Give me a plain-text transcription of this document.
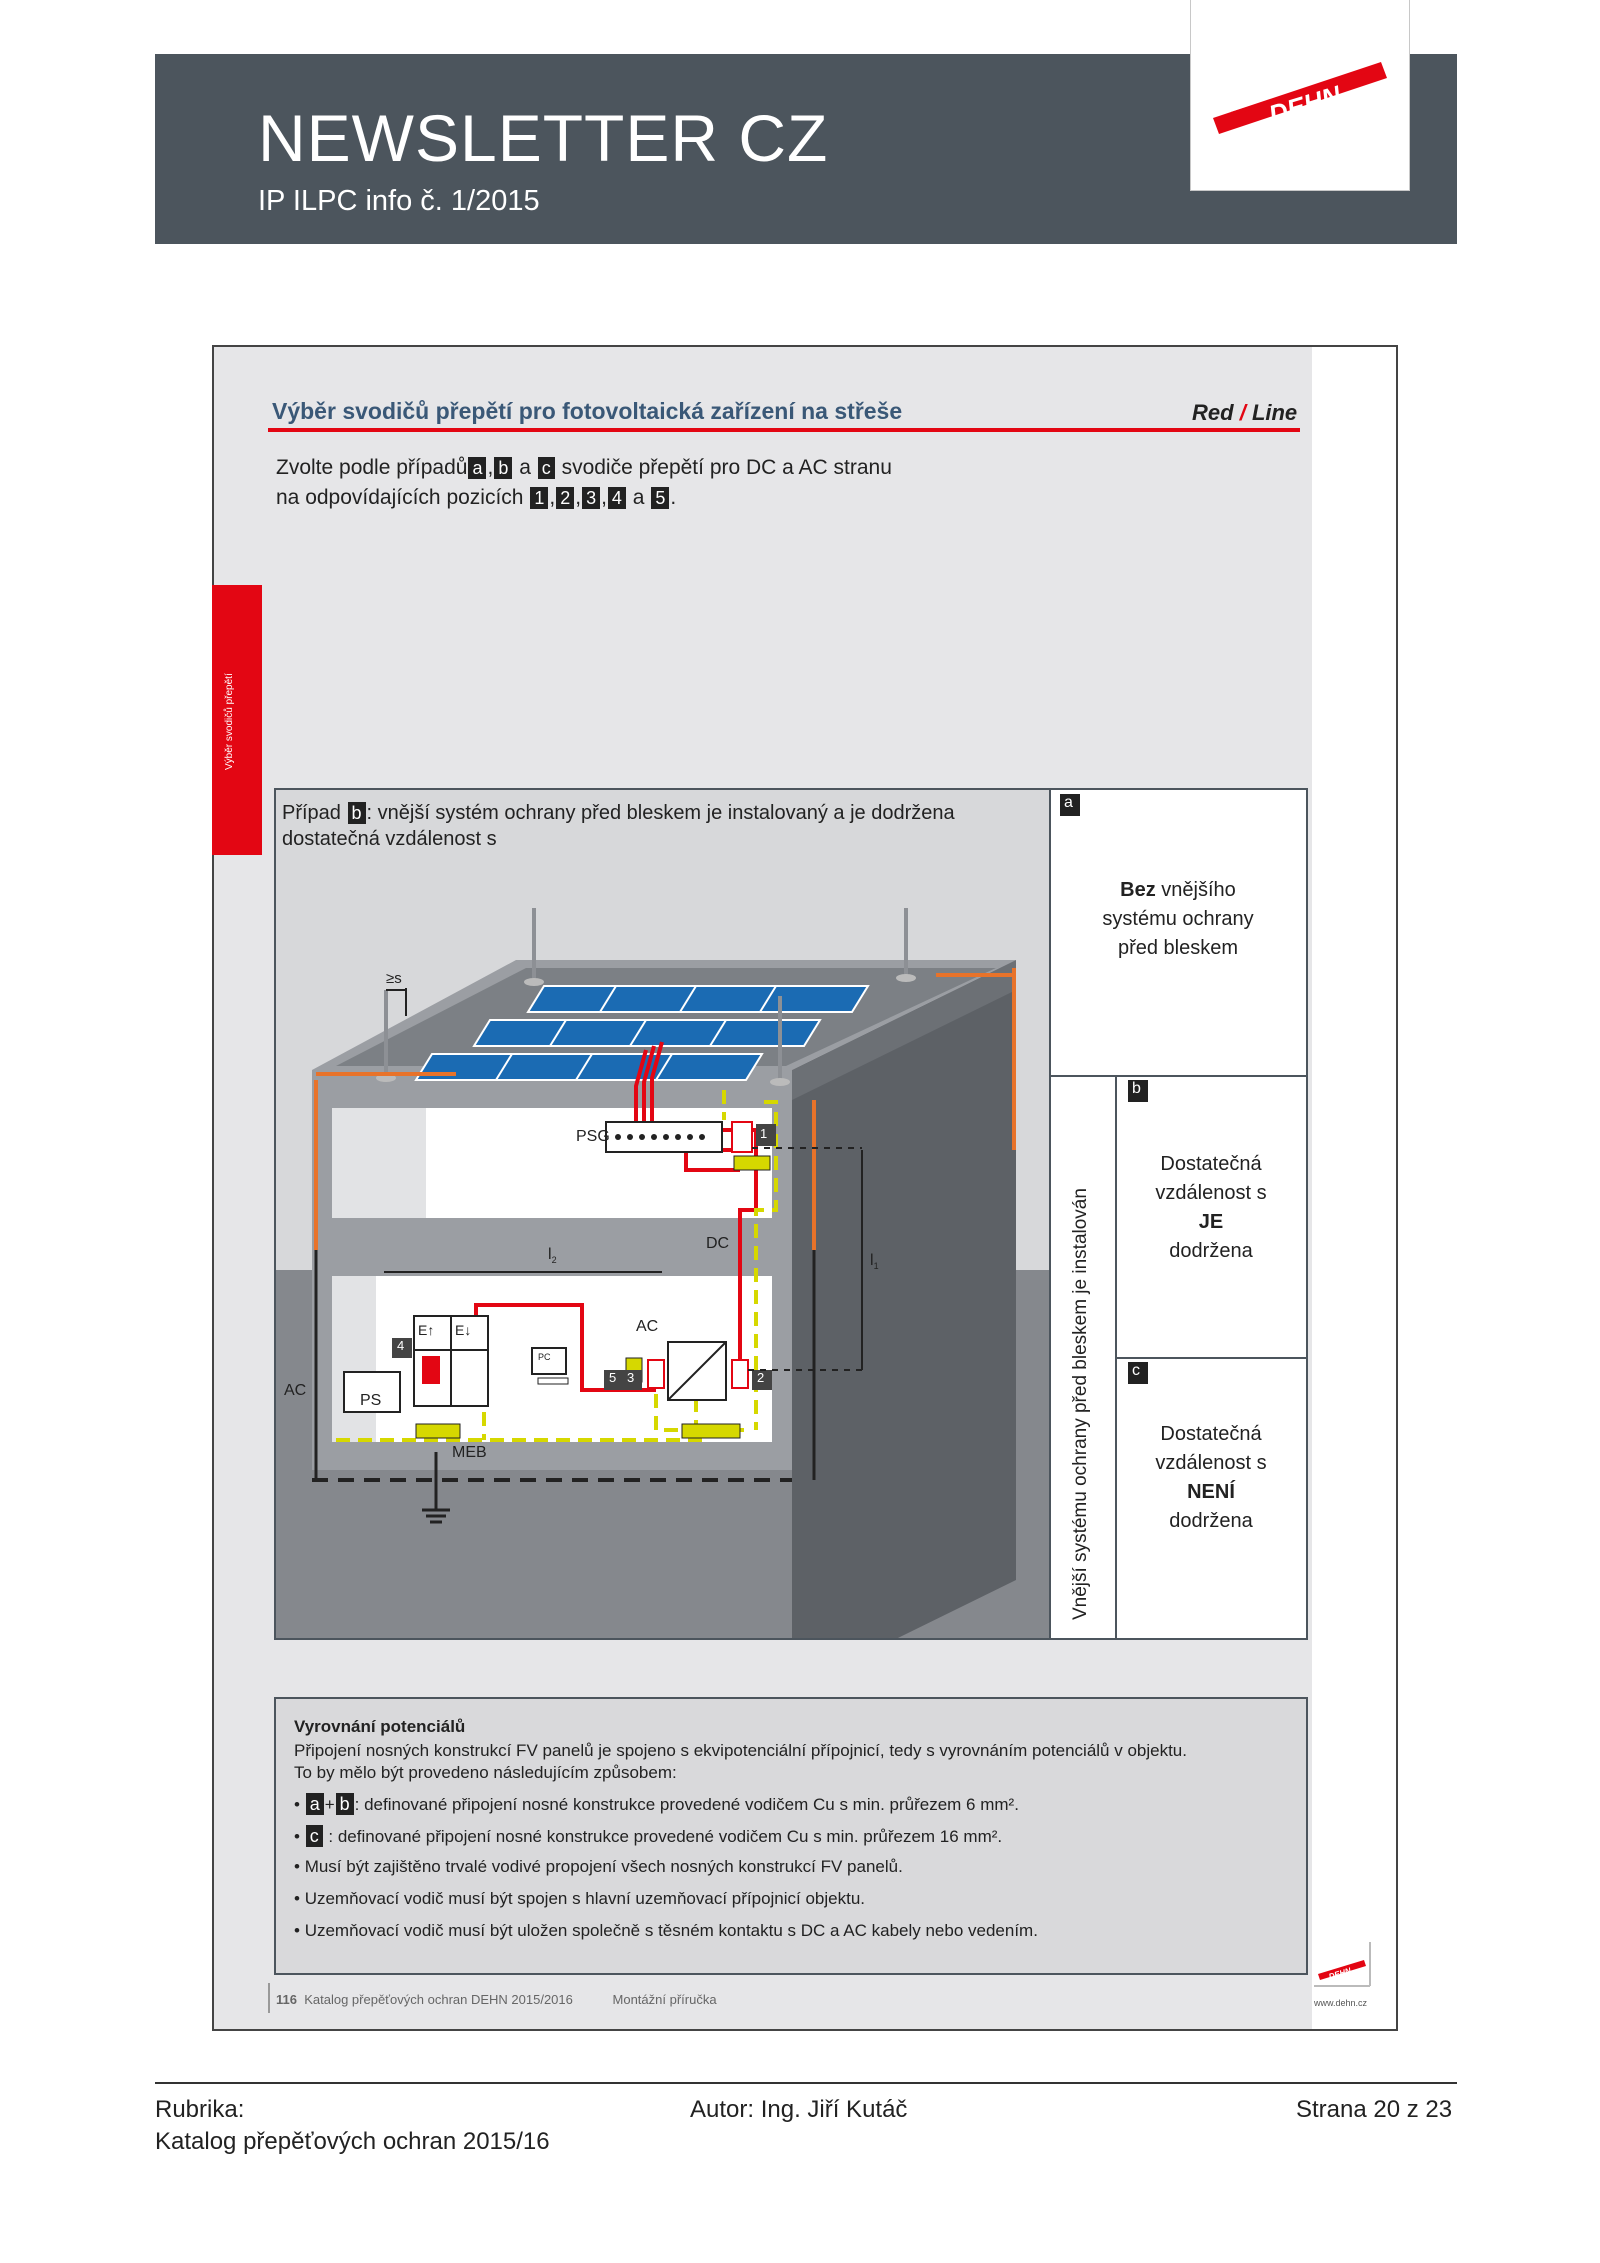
NEWSLETTER CZ
IP ILPC info č. 1/2015
DEHN
Výběr svodičů přepětí pro fotovoltaická zařízení na střeše	Red / Line
Zvolte podle případů a , b a c svodiče přepětí pro DC a AC stranu
na odpovídajících pozicích 1 , 2 , 3 , 4 a 5 .
Výběr svodičů přepětí
Případ b : vnější systém ochrany před bleskem je instalovaný a je dodržena
dostatečná vzdálenost s
≥s
PSG	1
DC
$l_2$	$l_1$
AC
AC
PS
MEB
PC
E↑ E↓
4
5 3	2
a
Bez vnějšího
systému ochrany
před bleskem
b
Dostatečná
vzdálenost s
JE
dodržena
c
Dostatečná
vzdálenost s
NENÍ
dodržena
Vnější systému ochrany před bleskem je instalován
Vyrovnání potenciálů
Připojení nosných konstrukcí FV panelů je spojeno s ekvipotenciální přípojnicí, tedy s vyrovnáním potenciálů v objektu.
To by mělo být provedeno následujícím způsobem:
• a + b : definované připojení nosné konstrukce provedené vodičem Cu s min. průřezem 6 mm².
• c : definované připojení nosné konstrukce provedené vodičem Cu s min. průřezem 16 mm².
• Musí být zajištěno trvalé vodivé propojení všech nosných konstrukcí FV panelů.
• Uzemňovací vodič musí být spojen s hlavní uzemňovací přípojnicí objektu.
• Uzemňovací vodič musí být uložen společně s těsném kontaktu s DC a AC kabely nebo vedením.
116 Katalog přepěťových ochran DEHN 2015/2016	Montážní příručka
DEHN
www.dehn.cz
Rubrika:
Katalog přepěťových ochran 2015/16
Autor: Ing. Jiří Kutáč	Strana 20 z 23
